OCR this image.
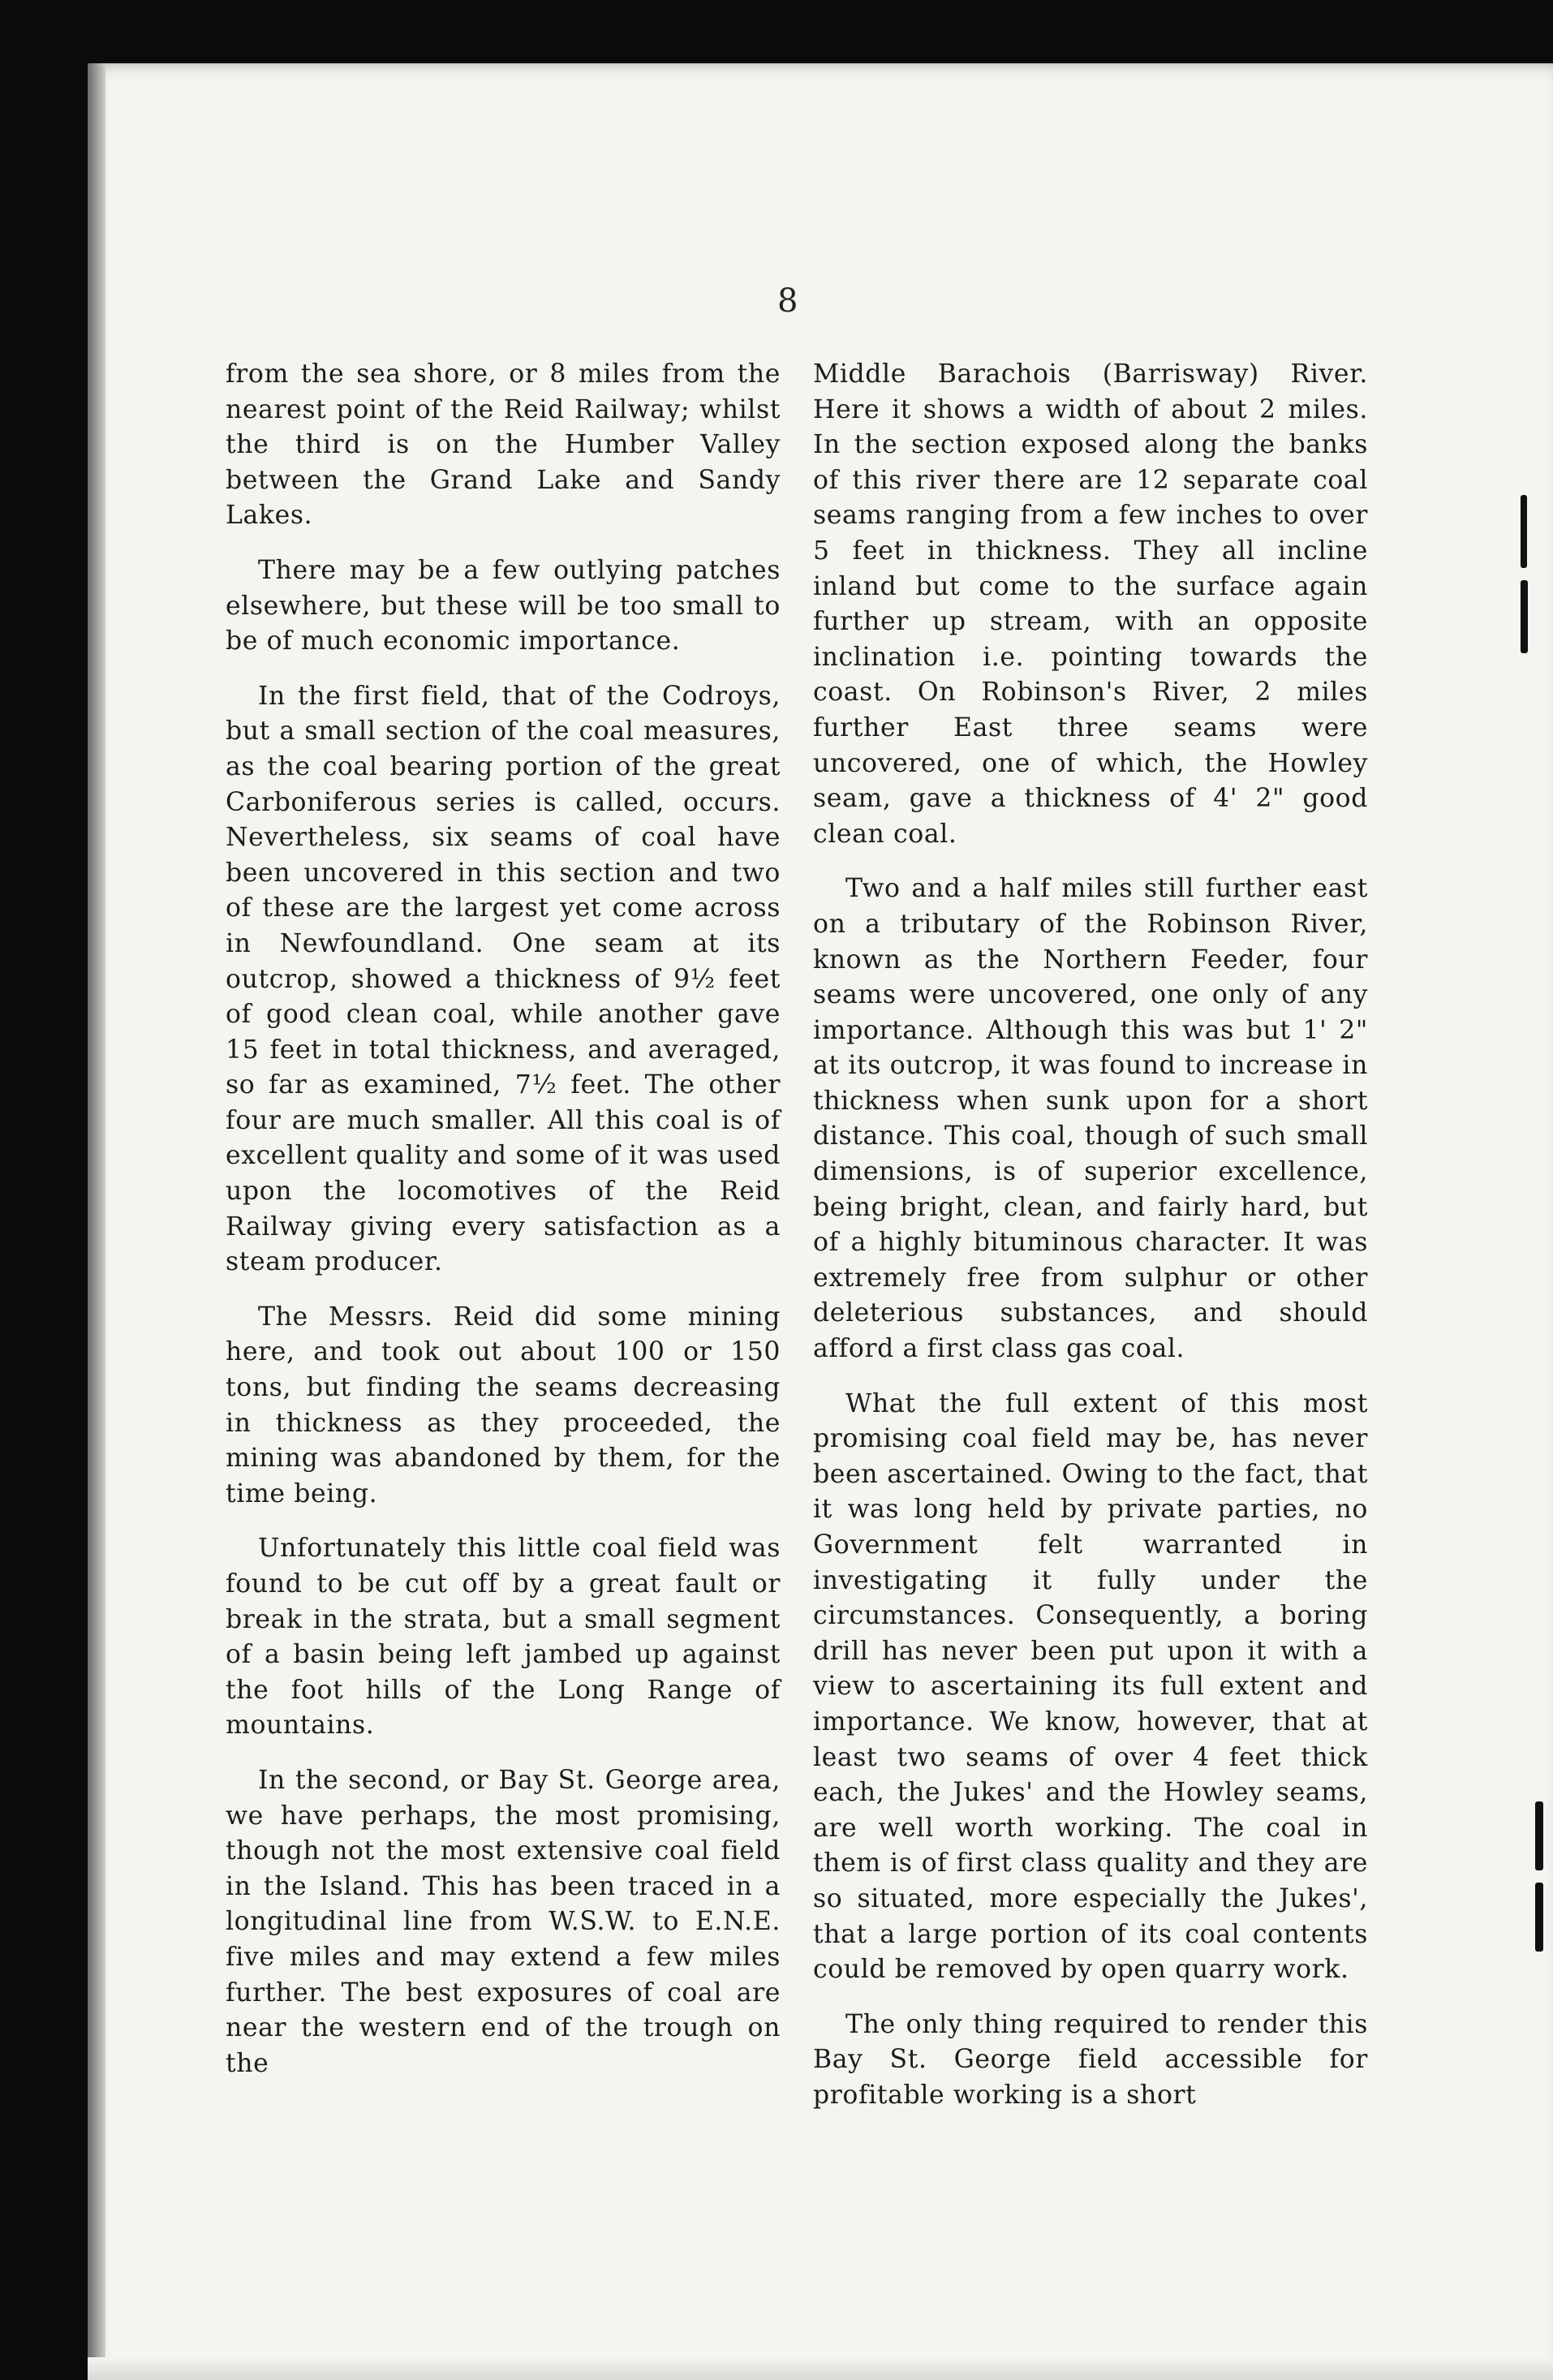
8

from the sea shore, or 8 miles from the nearest point of the Reid Railway; whilst the third is on the Humber Valley between the Grand Lake and Sandy Lakes.

There may be a few outlying patches elsewhere, but these will be too small to be of much economic importance.

In the first field, that of the Codroys, but a small section of the coal measures, as the coal bearing portion of the great Carboniferous series is called, occurs. Nevertheless, six seams of coal have been uncovered in this section and two of these are the largest yet come across in Newfoundland. One seam at its outcrop, showed a thickness of 9½ feet of good clean coal, while another gave 15 feet in total thickness, and averaged, so far as examined, 7½ feet. The other four are much smaller. All this coal is of excellent quality and some of it was used upon the locomotives of the Reid Railway giving every satisfaction as a steam producer.

The Messrs. Reid did some mining here, and took out about 100 or 150 tons, but finding the seams decreasing in thickness as they proceeded, the mining was abandoned by them, for the time being.

Unfortunately this little coal field was found to be cut off by a great fault or break in the strata, but a small segment of a basin being left jambed up against the foot hills of the Long Range of mountains.

In the second, or Bay St. George area, we have perhaps, the most promising, though not the most extensive coal field in the Island. This has been traced in a longitudinal line from W.S.W. to E.N.E. five miles and may extend a few miles further. The best exposures of coal are near the western end of the trough on the

Middle Barachois (Barrisway) River. Here it shows a width of about 2 miles. In the section exposed along the banks of this river there are 12 separate coal seams ranging from a few inches to over 5 feet in thickness. They all incline inland but come to the surface again further up stream, with an opposite inclination i.e. pointing towards the coast. On Robinson's River, 2 miles further East three seams were uncovered, one of which, the Howley seam, gave a thickness of 4' 2" good clean coal.

Two and a half miles still further east on a tributary of the Robinson River, known as the Northern Feeder, four seams were uncovered, one only of any importance. Although this was but 1' 2" at its outcrop, it was found to increase in thickness when sunk upon for a short distance. This coal, though of such small dimensions, is of superior excellence, being bright, clean, and fairly hard, but of a highly bituminous character. It was extremely free from sulphur or other deleterious substances, and should afford a first class gas coal.

What the full extent of this most promising coal field may be, has never been ascertained. Owing to the fact, that it was long held by private parties, no Government felt warranted in investigating it fully under the circumstances. Consequently, a boring drill has never been put upon it with a view to ascertaining its full extent and importance. We know, however, that at least two seams of over 4 feet thick each, the Jukes' and the Howley seams, are well worth working. The coal in them is of first class quality and they are so situated, more especially the Jukes', that a large portion of its coal contents could be removed by open quarry work.

The only thing required to render this Bay St. George field accessible for profitable working is a short
